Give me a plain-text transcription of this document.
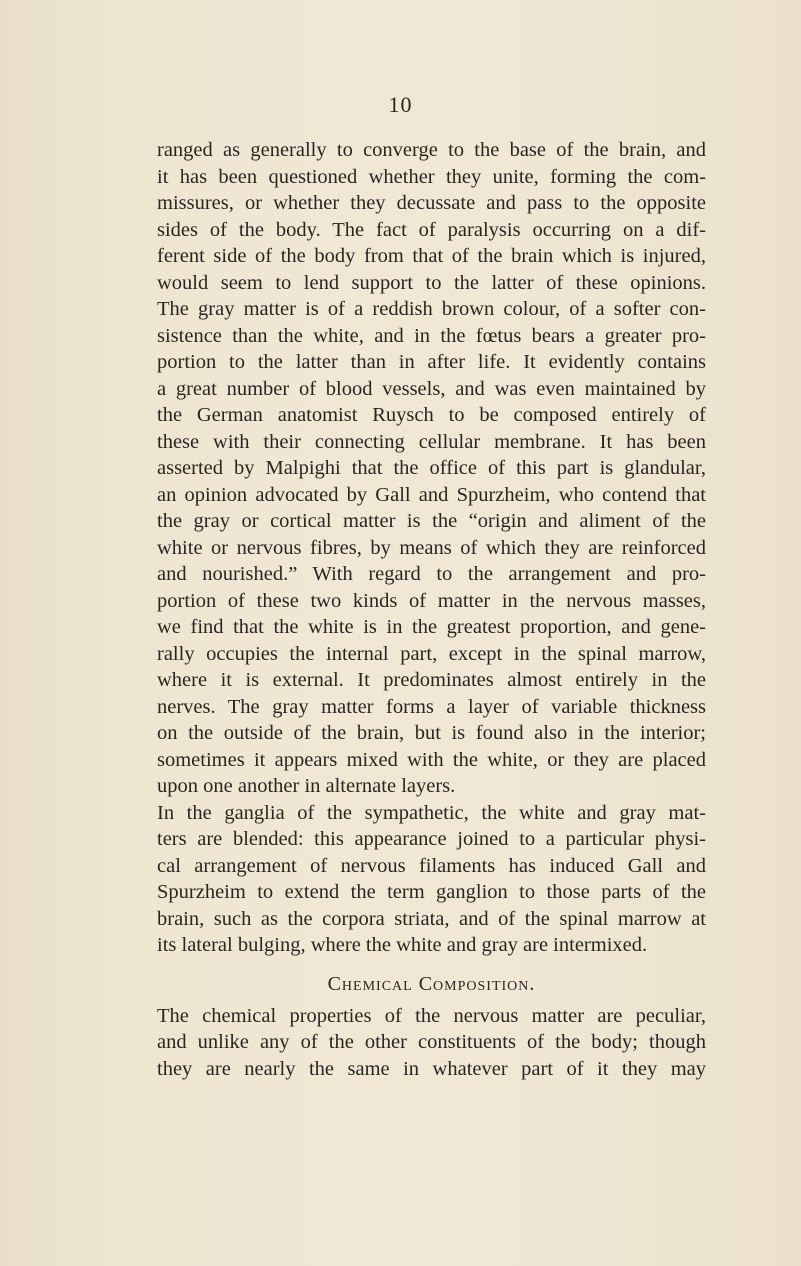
10
ranged as generally to converge to the base of the brain, and
it has been questioned whether they unite, forming the com-
missures, or whether they decussate and pass to the opposite
sides of the body. The fact of paralysis occurring on a dif-
ferent side of the body from that of the brain which is injured,
would seem to lend support to the latter of these opinions.
The gray matter is of a reddish brown colour, of a softer con-
sistence than the white, and in the fœtus bears a greater pro-
portion to the latter than in after life. It evidently contains
a great number of blood vessels, and was even maintained by
the German anatomist Ruysch to be composed entirely of
these with their connecting cellular membrane. It has been
asserted by Malpighi that the office of this part is glandular,
an opinion advocated by Gall and Spurzheim, who contend that
the gray or cortical matter is the “origin and aliment of the
white or nervous fibres, by means of which they are reinforced
and nourished.” With regard to the arrangement and pro-
portion of these two kinds of matter in the nervous masses,
we find that the white is in the greatest proportion, and gene-
rally occupies the internal part, except in the spinal marrow,
where it is external. It predominates almost entirely in the
nerves. The gray matter forms a layer of variable thickness
on the outside of the brain, but is found also in the interior;
sometimes it appears mixed with the white, or they are placed
upon one another in alternate layers.
In the ganglia of the sympathetic, the white and gray mat-
ters are blended: this appearance joined to a particular physi-
cal arrangement of nervous filaments has induced Gall and
Spurzheim to extend the term ganglion to those parts of the
brain, such as the corpora striata, and of the spinal marrow at
its lateral bulging, where the white and gray are intermixed.
Chemical Composition.
The chemical properties of the nervous matter are peculiar,
and unlike any of the other constituents of the body; though
they are nearly the same in whatever part of it they may
